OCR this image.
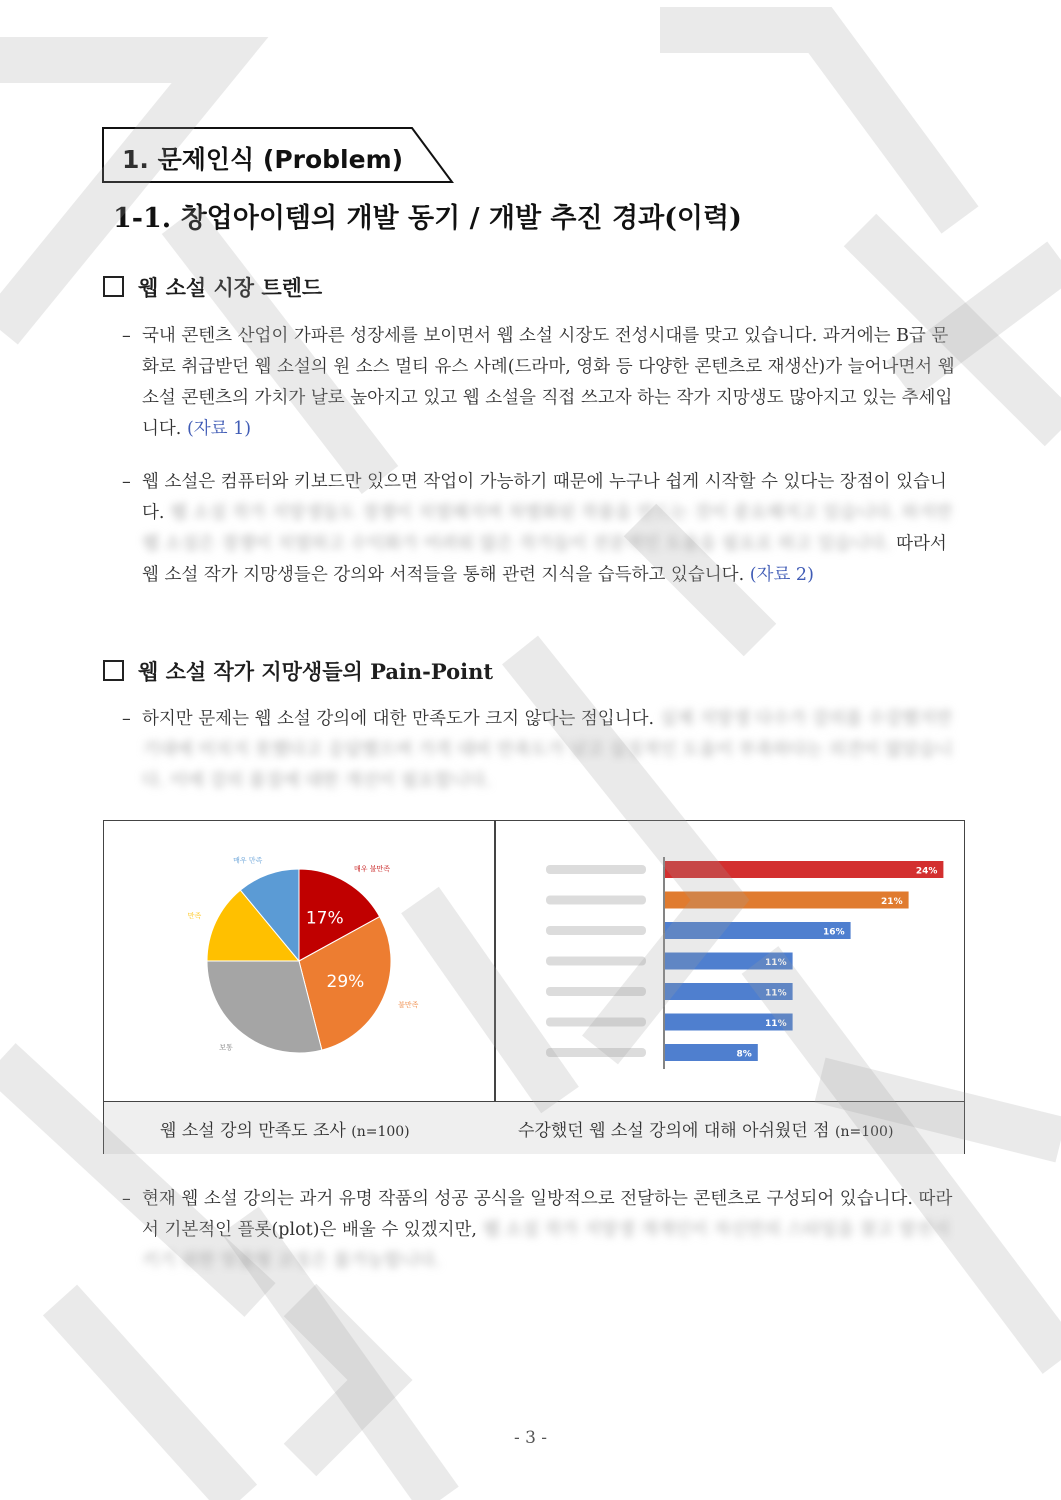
1. 문제인식 (Problem)
1-1. 창업아이템의 개발 동기 / 개발 추진 경과(이력)
웹 소설 시장 트렌드

– 국내 콘텐츠 산업이 가파른 성장세를 보이면서 웹 소설 시장도 전성시대를 맞고 있습니다. 과거에는 B급 문화로 취급받던 웹 소설의 원 소스 멀티 유스 사례(드라마, 영화 등 다양한 콘텐츠로 재생산)가 늘어나면서 웹 소설 콘텐츠의 가치가 날로 높아지고 있고 웹 소설을 직접 쓰고자 하는 작가 지망생도 많아지고 있는 추세입니다. (자료 1)

– 웹 소설은 컴퓨터와 키보드만 있으면 작업이 가능하기 때문에 누구나 쉽게 시작할 수 있다는 장점이 있습니다. 웹 소설 작가 지망생들도 경쟁이 치열해지며 차별화된 작품을 만드는 것이 중요해지고 있습니다. 하지만 웹 소설은 경쟁이 치열하고 수익화가 어려워 많은 작가들이 전문적인 도움을 필요로 하고 있습니다. 따라서 웹 소설 작가 지망생들은 강의와 서적들을 통해 관련 지식을 습득하고 있습니다. (자료 2)

웹 소설 작가 지망생들의 Pain-Point

– 하지만 문제는 웹 소설 강의에 대한 만족도가 크지 않다는 점입니다. 실제 지망생 다수가 강의를 수강했지만 기대에 미치지 못했다고 응답했으며 가격 대비 만족도가 낮고 실질적인 도움이 부족하다는 의견이 많았습니다. 이에 강의 품질에 대한 개선이 필요합니다.

17%
매우 불만족
29%
불만족
보통
만족
매우 만족
24%
21%
16%
11%
11%
11%
8%
웹 소설 강의 만족도 조사 (n=100)	수강했던 웹 소설 강의에 대해 아쉬웠던 점 (n=100)

– 현재 웹 소설 강의는 과거 유명 작품의 성공 공식을 일방적으로 전달하는 콘텐츠로 구성되어 있습니다. 따라서 기본적인 플롯(plot)은 배울 수 있겠지만, 웹 소설 작가 지망생 개개인이 자신만의 스타일을 찾고 발전시키기 위한 맞춤형 코칭은 불가능합니다.

- 3 -
